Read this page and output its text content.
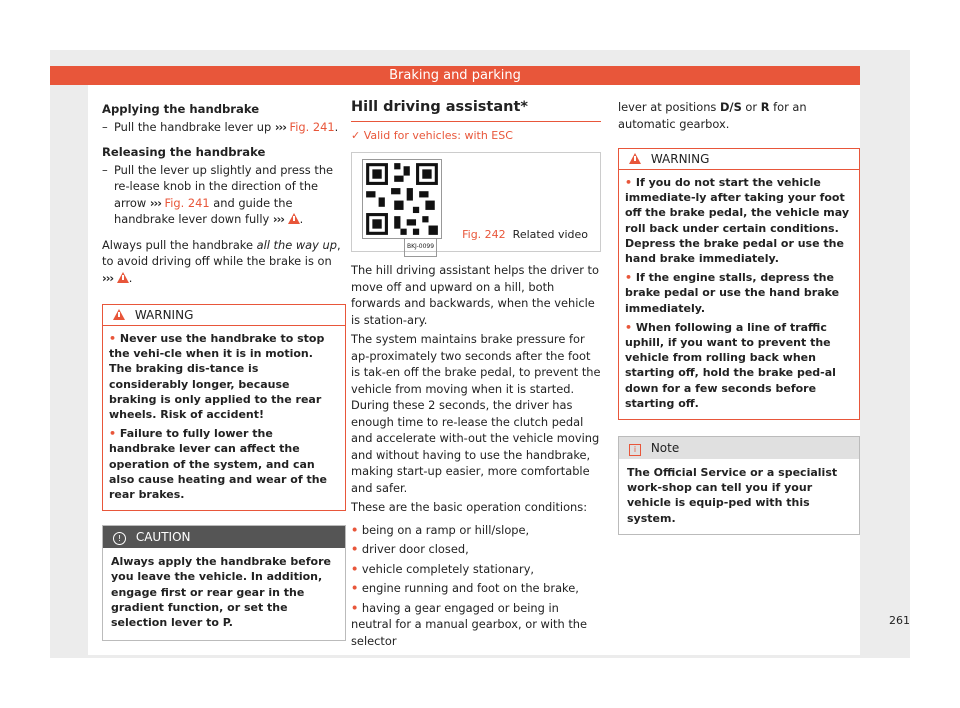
Braking and parking

Applying the handbrake

– Pull the handbrake lever up ››› Fig. 241.

Releasing the handbrake

– Pull the lever up slightly and press the re-lease knob in the direction of the arrow ››› Fig. 241 and guide the handbrake lever down fully ››› .

Always pull the handbrake all the way up, to avoid driving off while the brake is on ››› .

WARNING

• Never use the handbrake to stop the vehi-cle when it is in motion. The braking dis-tance is considerably longer, because braking is only applied to the rear wheels. Risk of accident!

• Failure to fully lower the handbrake lever can affect the operation of the system, and can also cause heating and wear of the rear brakes.

! CAUTION
Always apply the handbrake before you leave the vehicle. In addition, engage first or rear gear in the gradient function, or set the selection lever to P.
Hill driving assistant*
✓ Valid for vehicles: with ESC
BKJ-0099
Fig. 242 Related video

The hill driving assistant helps the driver to move off and upward on a hill, both forwards and backwards, when the vehicle is station-ary.

The system maintains brake pressure for ap-proximately two seconds after the foot is tak-en off the brake pedal, to prevent the vehicle from moving when it is started. During these 2 seconds, the driver has enough time to re-lease the clutch pedal and accelerate with-out the vehicle moving and without having to use the handbrake, making start-up easier, more comfortable and safer.

These are the basic operation conditions:

• being on a ramp or hill/slope,

• driver door closed,

• vehicle completely stationary,

• engine running and foot on the brake,

• having a gear engaged or being in neutral for a manual gearbox, or with the selector

lever at positions D/S or R for an automatic gearbox.

WARNING

• If you do not start the vehicle immediate-ly after taking your foot off the brake pedal, the vehicle may roll back under certain conditions. Depress the brake pedal or use the hand brake immediately.

• If the engine stalls, depress the brake pedal or use the hand brake immediately.

• When following a line of traffic uphill, if you want to prevent the vehicle from rolling back when starting off, hold the brake ped-al down for a few seconds before starting off.

i Note
The Official Service or a specialist work-shop can tell you if your vehicle is equip-ped with this system.
261
